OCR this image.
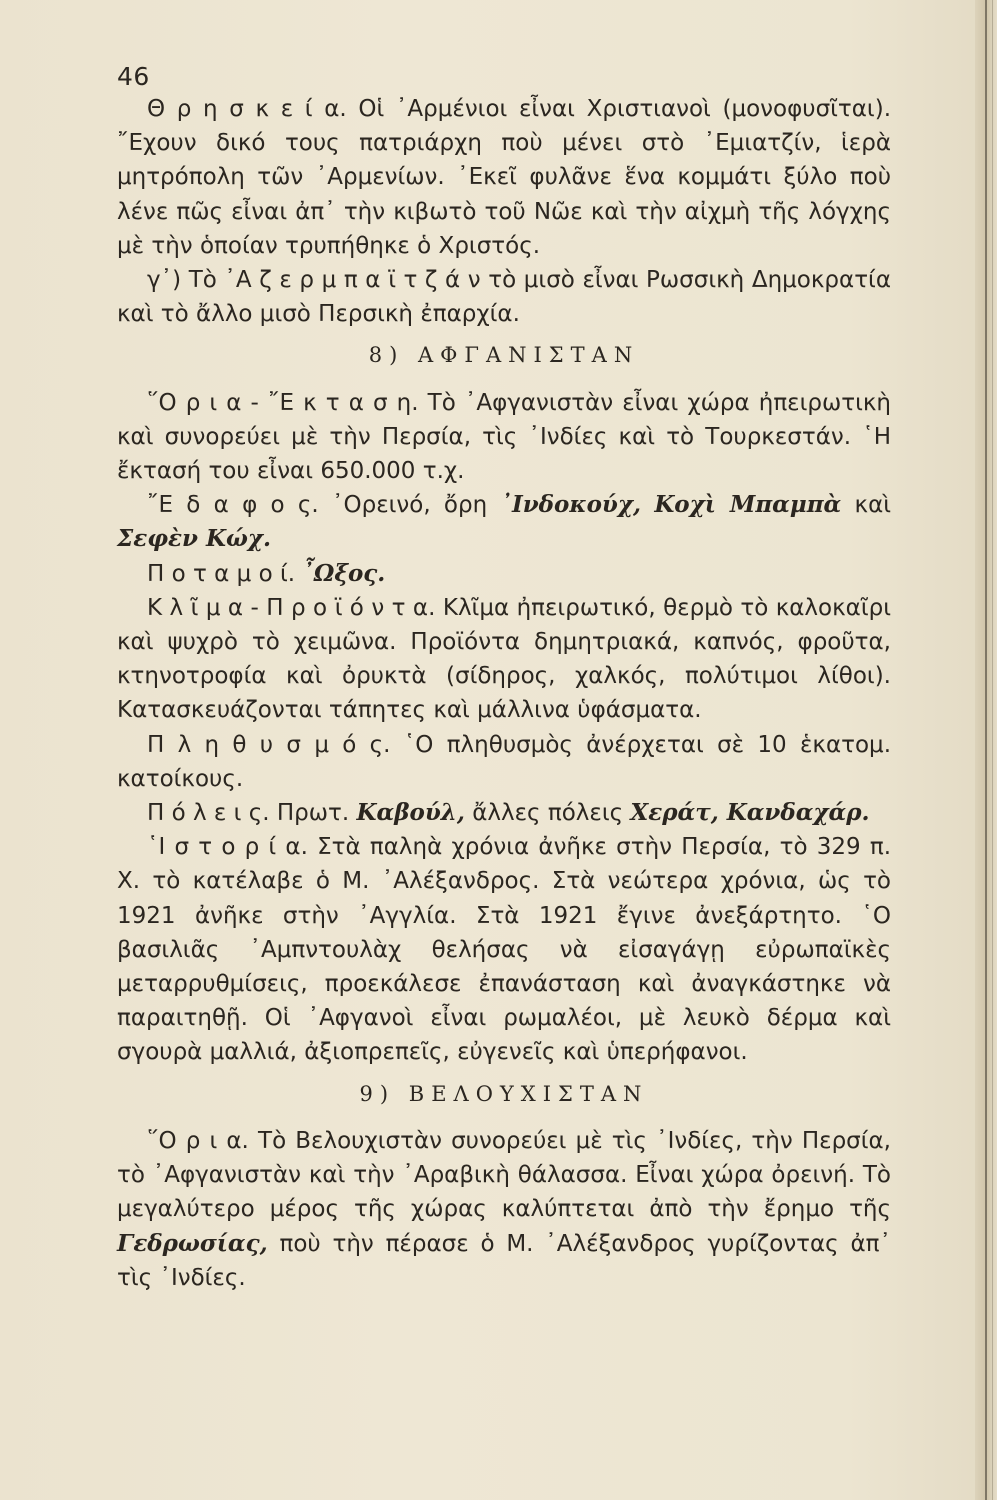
46

Θ ρ η σ κ ε ί α. Οἱ ᾿Αρμένιοι εἶναι Χριστιανοὶ (μονοφυσῖται). ῎Εχουν δικό τους πατριάρχη ποὺ μένει στὸ ᾿Εμιατζίν, ἱερὰ μητρόπολη τῶν ᾿Αρμενίων. ᾿Εκεῖ φυλᾶνε ἕνα κομμάτι ξύλο ποὺ λένε πῶς εἶναι ἀπ᾿ τὴν κιβωτὸ τοῦ Νῶε καὶ τὴν αἰχμὴ τῆς λόγχης μὲ τὴν ὁποίαν τρυπήθηκε ὁ Χριστός.

γ᾿) Τὸ ᾿Α ζ ε ρ μ π α ϊ τ ζ ά ν τὸ μισὸ εἶναι Ρωσσικὴ Δημοκρατία καὶ τὸ ἄλλο μισὸ Περσικὴ ἐπαρχία.

8) ΑΦΓΑΝΙΣΤΑΝ

῞Ο ρ ι α - ῎Ε κ τ α σ η. Τὸ ᾿Αφγανιστὰν εἶναι χώρα ἠπειρωτικὴ καὶ συνορεύει μὲ τὴν Περσία, τὶς ᾿Ινδίες καὶ τὸ Τουρκεστάν. ῾Η ἔκτασή του εἶναι 650.000 τ.χ.

῎Ε δ α φ ο ς. ᾿Ορεινό, ὄρη ᾿Ινδοκούχ, Κοχὶ Μπαμπὰ καὶ Σεφὲν Κώχ.

Π ο τ α μ ο ί. ῏Ωξος.

Κ λ ῖ μ α - Π ρ ο ϊ ό ν τ α. Κλῖμα ἠπειρωτικό, θερμὸ τὸ καλοκαῖρι καὶ ψυχρὸ τὸ χειμῶνα. Προϊόντα δημητριακά, καπνός, φροῦτα, κτηνοτροφία καὶ ὀρυκτὰ (σίδηρος, χαλκός, πολύτιμοι λίθοι). Κατασκευάζονται τάπητες καὶ μάλλινα ὑφάσματα.

Π λ η θ υ σ μ ό ς. ῾Ο πληθυσμὸς ἀνέρχεται σὲ 10 ἑκατομ. κατοίκους.

Π ό λ ε ι ς. Πρωτ. Καβούλ, ἄλλες πόλεις Χεράτ, Κανδαχάρ.

῾Ι σ τ ο ρ ί α. Στὰ παληὰ χρόνια ἀνῆκε στὴν Περσία, τὸ 329 π. Χ. τὸ κατέλαβε ὁ Μ. ᾿Αλέξανδρος. Στὰ νεώτερα χρόνια, ὡς τὸ 1921 ἀνῆκε στὴν ᾿Αγγλία. Στὰ 1921 ἔγινε ἀνεξάρτητο. ῾Ο βασιλιᾶς ᾿Αμπντουλὰχ θελήσας νὰ εἰσαγάγῃ εὐρωπαϊκὲς μεταρρυθμίσεις, προεκάλεσε ἐπανάσταση καὶ ἀναγκάστηκε νὰ παραιτηθῇ. Οἱ ᾿Αφγανοὶ εἶναι ρωμαλέοι, μὲ λευκὸ δέρμα καὶ σγουρὰ μαλλιά, ἀξιοπρεπεῖς, εὐγενεῖς καὶ ὑπερήφανοι.

9) ΒΕΛΟΥΧΙΣΤΑΝ

῞Ο ρ ι α. Τὸ Βελουχιστὰν συνορεύει μὲ τὶς ᾿Ινδίες, τὴν Περσία, τὸ ᾿Αφγανιστὰν καὶ τὴν ᾿Αραβικὴ θάλασσα. Εἶναι χώρα ὀρεινή. Τὸ μεγαλύτερο μέρος τῆς χώρας καλύπτεται ἀπὸ τὴν ἔρημο τῆς Γεδρωσίας, ποὺ τὴν πέρασε ὁ Μ. ᾿Αλέξανδρος γυρίζοντας ἀπ᾿ τὶς ᾿Ινδίες.
